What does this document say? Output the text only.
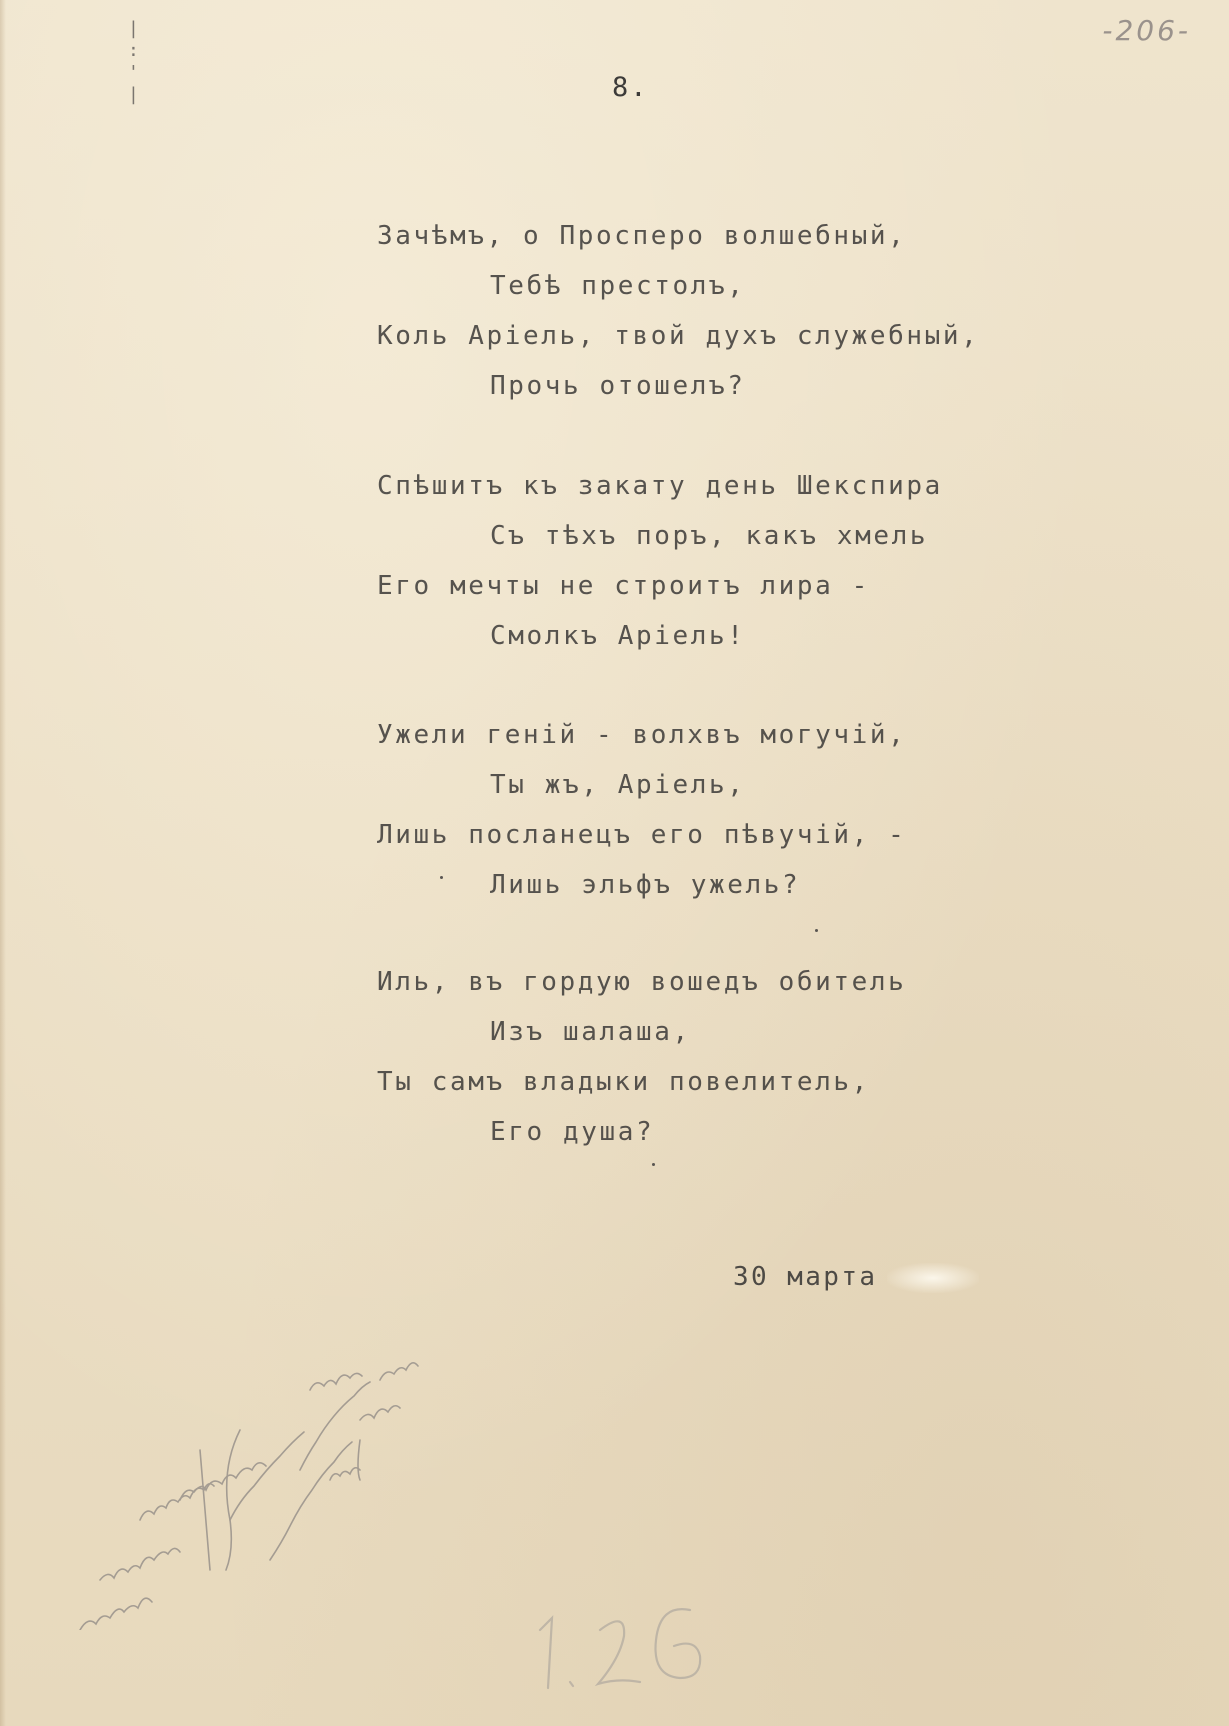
|
:
'
|
-206-
8.
Зачѣмъ, о Просперо волшебный,
Тебѣ престолъ,
Коль Аріель, твой духъ служебный,
Прочь отошелъ?
Спѣшитъ къ закату день Шекспира
Съ тѣхъ поръ, какъ хмель
Его мечты не строитъ лира -
Смолкъ Аріель!
Ужели геній - волхвъ могучій,
Ты жъ, Аріель,
Лишь посланецъ его пѣвучій, -
Лишь эльфъ ужель?
Иль, въ гордую вошедъ обитель
Изъ шалаша,
Ты самъ владыки повелитель,
Его душа?
30 марта
